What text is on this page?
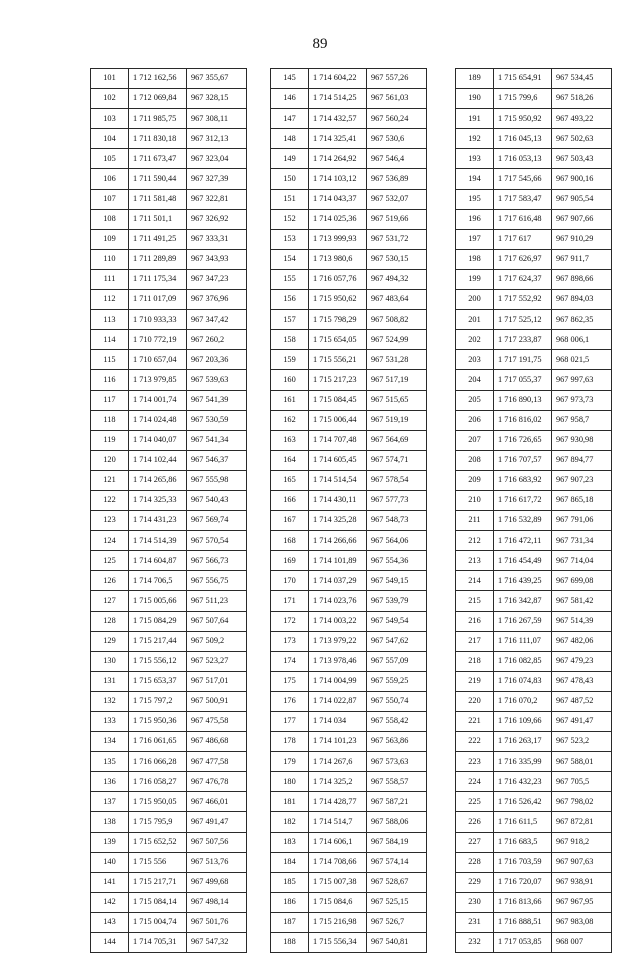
89
101	1 712 162,56	967 355,67
102	1 712 069,84	967 328,15
103	1 711 985,75	967 308,11
104	1 711 830,18	967 312,13
105	1 711 673,47	967 323,04
106	1 711 590,44	967 327,39
107	1 711 581,48	967 322,81
108	1 711 501,1	967 326,92
109	1 711 491,25	967 333,31
110	1 711 289,89	967 343,93
111	1 711 175,34	967 347,23
112	1 711 017,09	967 376,96
113	1 710 933,33	967 347,42
114	1 710 772,19	967 260,2
115	1 710 657,04	967 203,36
116	1 713 979,85	967 539,63
117	1 714 001,74	967 541,39
118	1 714 024,48	967 530,59
119	1 714 040,07	967 541,34
120	1 714 102,44	967 546,37
121	1 714 265,86	967 555,98
122	1 714 325,33	967 540,43
123	1 714 431,23	967 569,74
124	1 714 514,39	967 570,54
125	1 714 604,87	967 566,73
126	1 714 706,5	967 556,75
127	1 715 005,66	967 511,23
128	1 715 084,29	967 507,64
129	1 715 217,44	967 509,2
130	1 715 556,12	967 523,27
131	1 715 653,37	967 517,01
132	1 715 797,2	967 500,91
133	1 715 950,36	967 475,58
134	1 716 061,65	967 486,68
135	1 716 066,28	967 477,58
136	1 716 058,27	967 476,78
137	1 715 950,05	967 466,01
138	1 715 795,9	967 491,47
139	1 715 652,52	967 507,56
140	1 715 556	967 513,76
141	1 715 217,71	967 499,68
142	1 715 084,14	967 498,14
143	1 715 004,74	967 501,76
144	1 714 705,31	967 547,32
145	1 714 604,22	967 557,26
146	1 714 514,25	967 561,03
147	1 714 432,57	967 560,24
148	1 714 325,41	967 530,6
149	1 714 264,92	967 546,4
150	1 714 103,12	967 536,89
151	1 714 043,37	967 532,07
152	1 714 025,36	967 519,66
153	1 713 999,93	967 531,72
154	1 713 980,6	967 530,15
155	1 716 057,76	967 494,32
156	1 715 950,62	967 483,64
157	1 715 798,29	967 508,82
158	1 715 654,05	967 524,99
159	1 715 556,21	967 531,28
160	1 715 217,23	967 517,19
161	1 715 084,45	967 515,65
162	1 715 006,44	967 519,19
163	1 714 707,48	967 564,69
164	1 714 605,45	967 574,71
165	1 714 514,54	967 578,54
166	1 714 430,11	967 577,73
167	1 714 325,28	967 548,73
168	1 714 266,66	967 564,06
169	1 714 101,89	967 554,36
170	1 714 037,29	967 549,15
171	1 714 023,76	967 539,79
172	1 714 003,22	967 549,54
173	1 713 979,22	967 547,62
174	1 713 978,46	967 557,09
175	1 714 004,99	967 559,25
176	1 714 022,87	967 550,74
177	1 714 034	967 558,42
178	1 714 101,23	967 563,86
179	1 714 267,6	967 573,63
180	1 714 325,2	967 558,57
181	1 714 428,77	967 587,21
182	1 714 514,7	967 588,06
183	1 714 606,1	967 584,19
184	1 714 708,66	967 574,14
185	1 715 007,38	967 528,67
186	1 715 084,6	967 525,15
187	1 715 216,98	967 526,7
188	1 715 556,34	967 540,81
189	1 715 654,91	967 534,45
190	1 715 799,6	967 518,26
191	1 715 950,92	967 493,22
192	1 716 045,13	967 502,63
193	1 716 053,13	967 503,43
194	1 717 545,66	967 900,16
195	1 717 583,47	967 905,54
196	1 717 616,48	967 907,66
197	1 717 617	967 910,29
198	1 717 626,97	967 911,7
199	1 717 624,37	967 898,66
200	1 717 552,92	967 894,03
201	1 717 525,12	967 862,35
202	1 717 233,87	968 006,1
203	1 717 191,75	968 021,5
204	1 717 055,37	967 997,63
205	1 716 890,13	967 973,73
206	1 716 816,02	967 958,7
207	1 716 726,65	967 930,98
208	1 716 707,57	967 894,77
209	1 716 683,92	967 907,23
210	1 716 617,72	967 865,18
211	1 716 532,89	967 791,06
212	1 716 472,11	967 731,34
213	1 716 454,49	967 714,04
214	1 716 439,25	967 699,08
215	1 716 342,87	967 581,42
216	1 716 267,59	967 514,39
217	1 716 111,07	967 482,06
218	1 716 082,85	967 479,23
219	1 716 074,83	967 478,43
220	1 716 070,2	967 487,52
221	1 716 109,66	967 491,47
222	1 716 263,17	967 523,2
223	1 716 335,99	967 588,01
224	1 716 432,23	967 705,5
225	1 716 526,42	967 798,02
226	1 716 611,5	967 872,81
227	1 716 683,5	967 918,2
228	1 716 703,59	967 907,63
229	1 716 720,07	967 938,91
230	1 716 813,66	967 967,95
231	1 716 888,51	967 983,08
232	1 717 053,85	968 007
